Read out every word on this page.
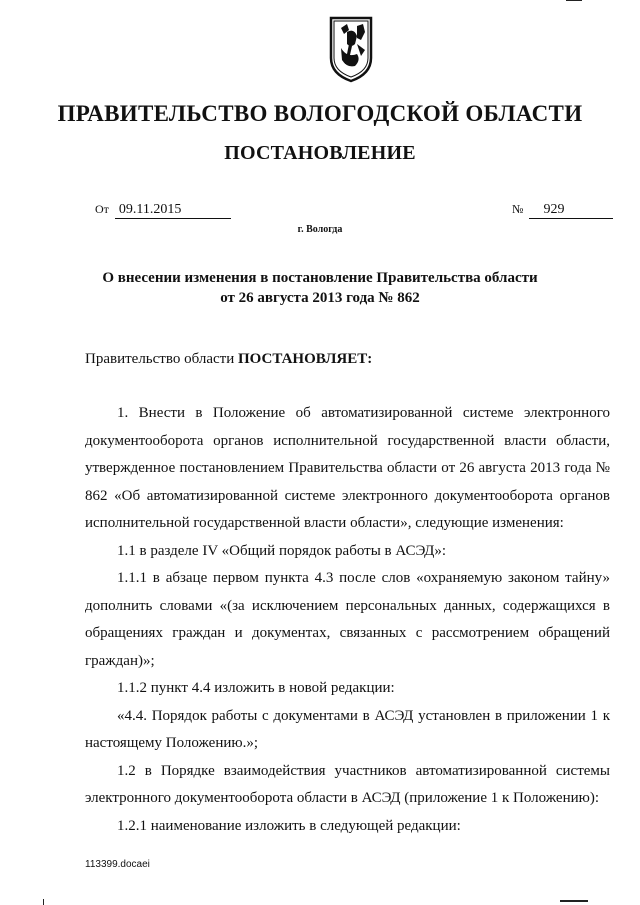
ПРАВИТЕЛЬСТВО ВОЛОГОДСКОЙ ОБЛАСТИ
ПОСТАНОВЛЕНИЕ
От 09.11.2015	№ 929
г. Вологда
О внесении изменения в постановление Правительства области
от 26 августа 2013 года № 862
Правительство области ПОСТАНОВЛЯЕТ:

1. Внести в Положение об автоматизированной системе электронного документооборота органов исполнительной государственной власти области, утвержденное постановлением Правительства области от 26 августа 2013 года № 862 «Об автоматизированной системе электронного документооборота органов исполнительной государственной власти области», следующие изменения:

1.1 в разделе IV «Общий порядок работы в АСЭД»:

1.1.1 в абзаце первом пункта 4.3 после слов «охраняемую законом тайну» дополнить словами «(за исключением персональных данных, содержащихся в обращениях граждан и документах, связанных с рассмотрением обращений граждан)»;

1.1.2 пункт 4.4 изложить в новой редакции:

«4.4. Порядок работы с документами в АСЭД установлен в приложении 1 к настоящему Положению.»;

1.2 в Порядке взаимодействия участников автоматизированной системы электронного документооборота области в АСЭД (приложение 1 к Положению):

1.2.1 наименование изложить в следующей редакции:

113399.docaei
